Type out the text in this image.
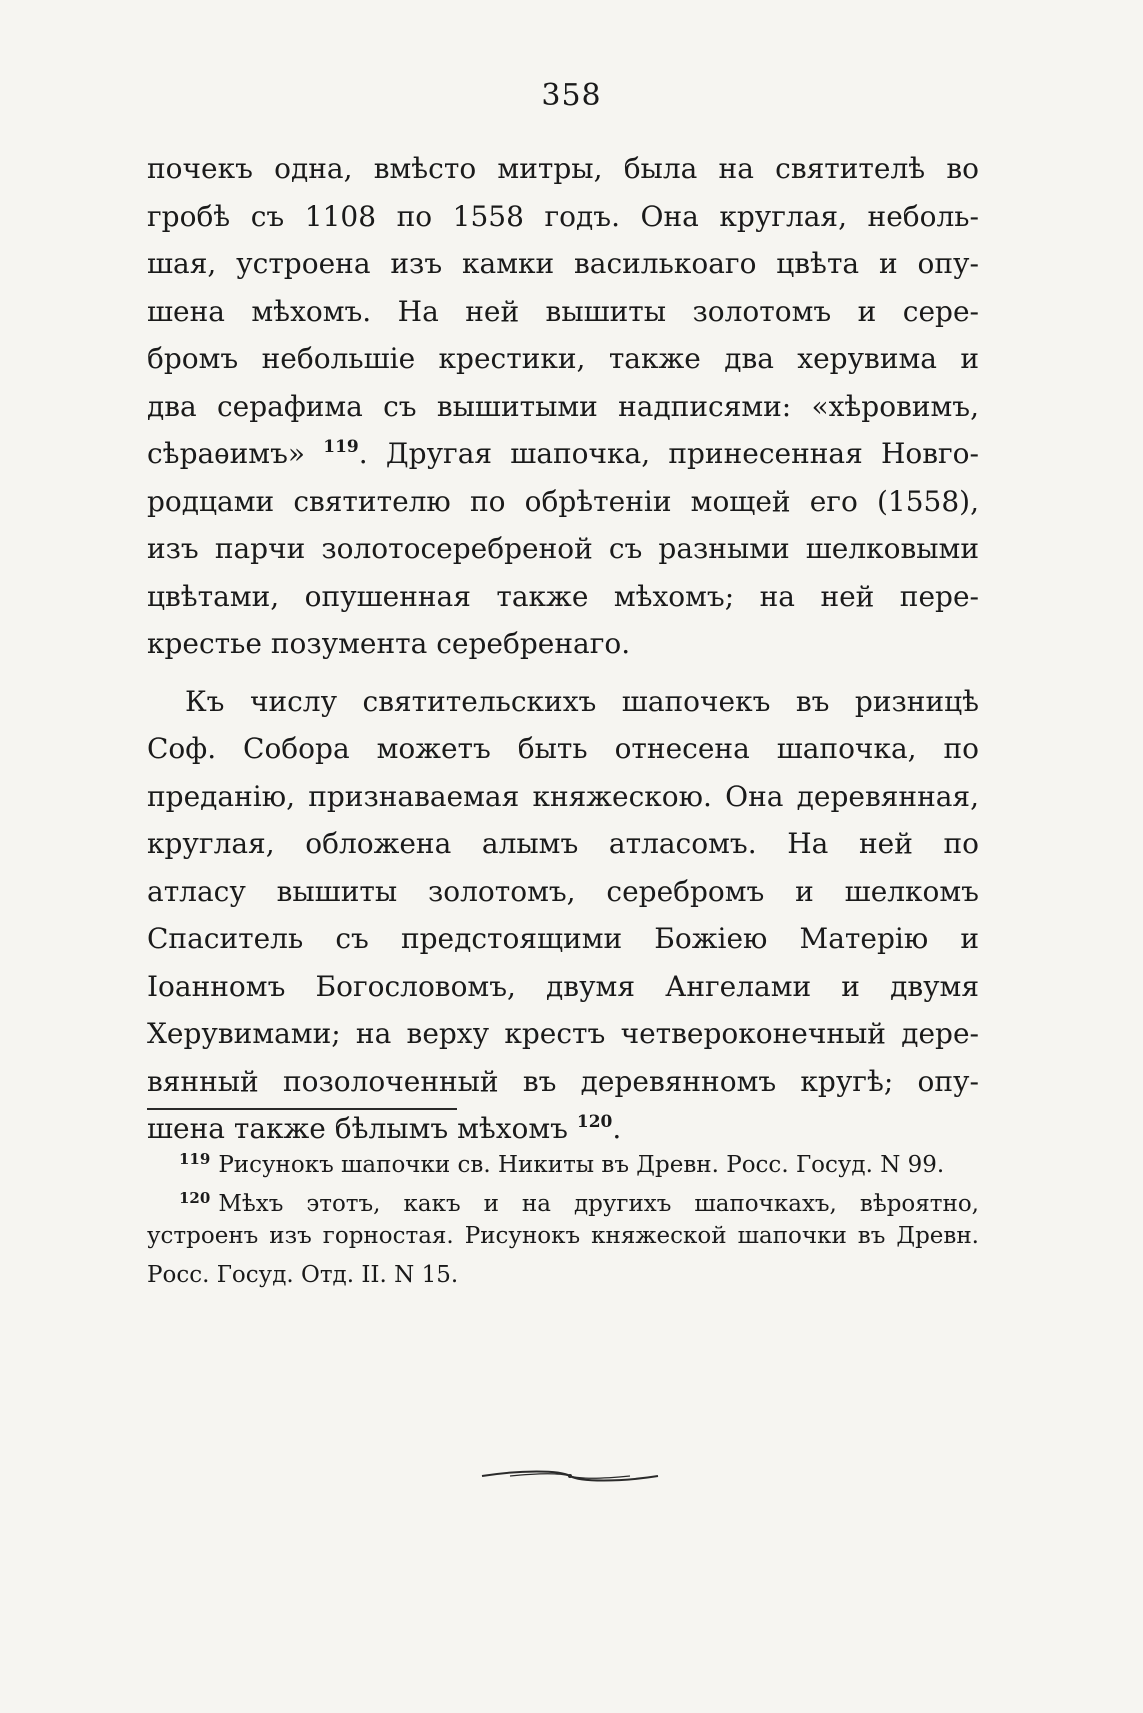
358
почекъ одна, вмѣсто митры, была на святителѣ во
гробѣ съ 1108 по 1558 годъ. Она круглая, неболь-
шая, устроена изъ камки василькоаго цвѣта и опу-
шена мѣхомъ. На ней вышиты золотомъ и сере-
бромъ небольшіе крестики, также два херувима и
два серафима съ вышитыми надписями: «хѣровимъ,
сѣраѳимъ» $^{119}$. Другая шапочка, принесенная Новго-
родцами святителю по обрѣтеніи мощей его (1558),
изъ парчи золотосеребреной съ разными шелковыми
цвѣтами, опушенная также мѣхомъ; на ней пере-
крестье позумента серебренаго.
Къ числу святительскихъ шапочекъ въ ризницѣ
Соф. Собора можетъ быть отнесена шапочка, по
преданію, признаваемая княжескою. Она деревянная,
круглая, обложена алымъ атласомъ. На ней по
атласу вышиты золотомъ, серебромъ и шелкомъ
Спаситель съ предстоящими Божіею Матерію и
Іоанномъ Богословомъ, двумя Ангелами и двумя
Херувимами; на верху крестъ четвероконечный дере-
вянный позолоченный въ деревянномъ кругѣ; опу-
шена также бѣлымъ мѣхомъ $^{120}$.
$^{119}$ Рисунокъ шапочки св. Никиты въ Древн. Росс. Госуд. N 99.
$^{120}$ Мѣхъ этотъ, какъ и на другихъ шапочкахъ, вѣроятно,
устроенъ изъ горностая. Рисунокъ княжеской шапочки въ Древн.
Росс. Госуд. Отд. II. N 15.
